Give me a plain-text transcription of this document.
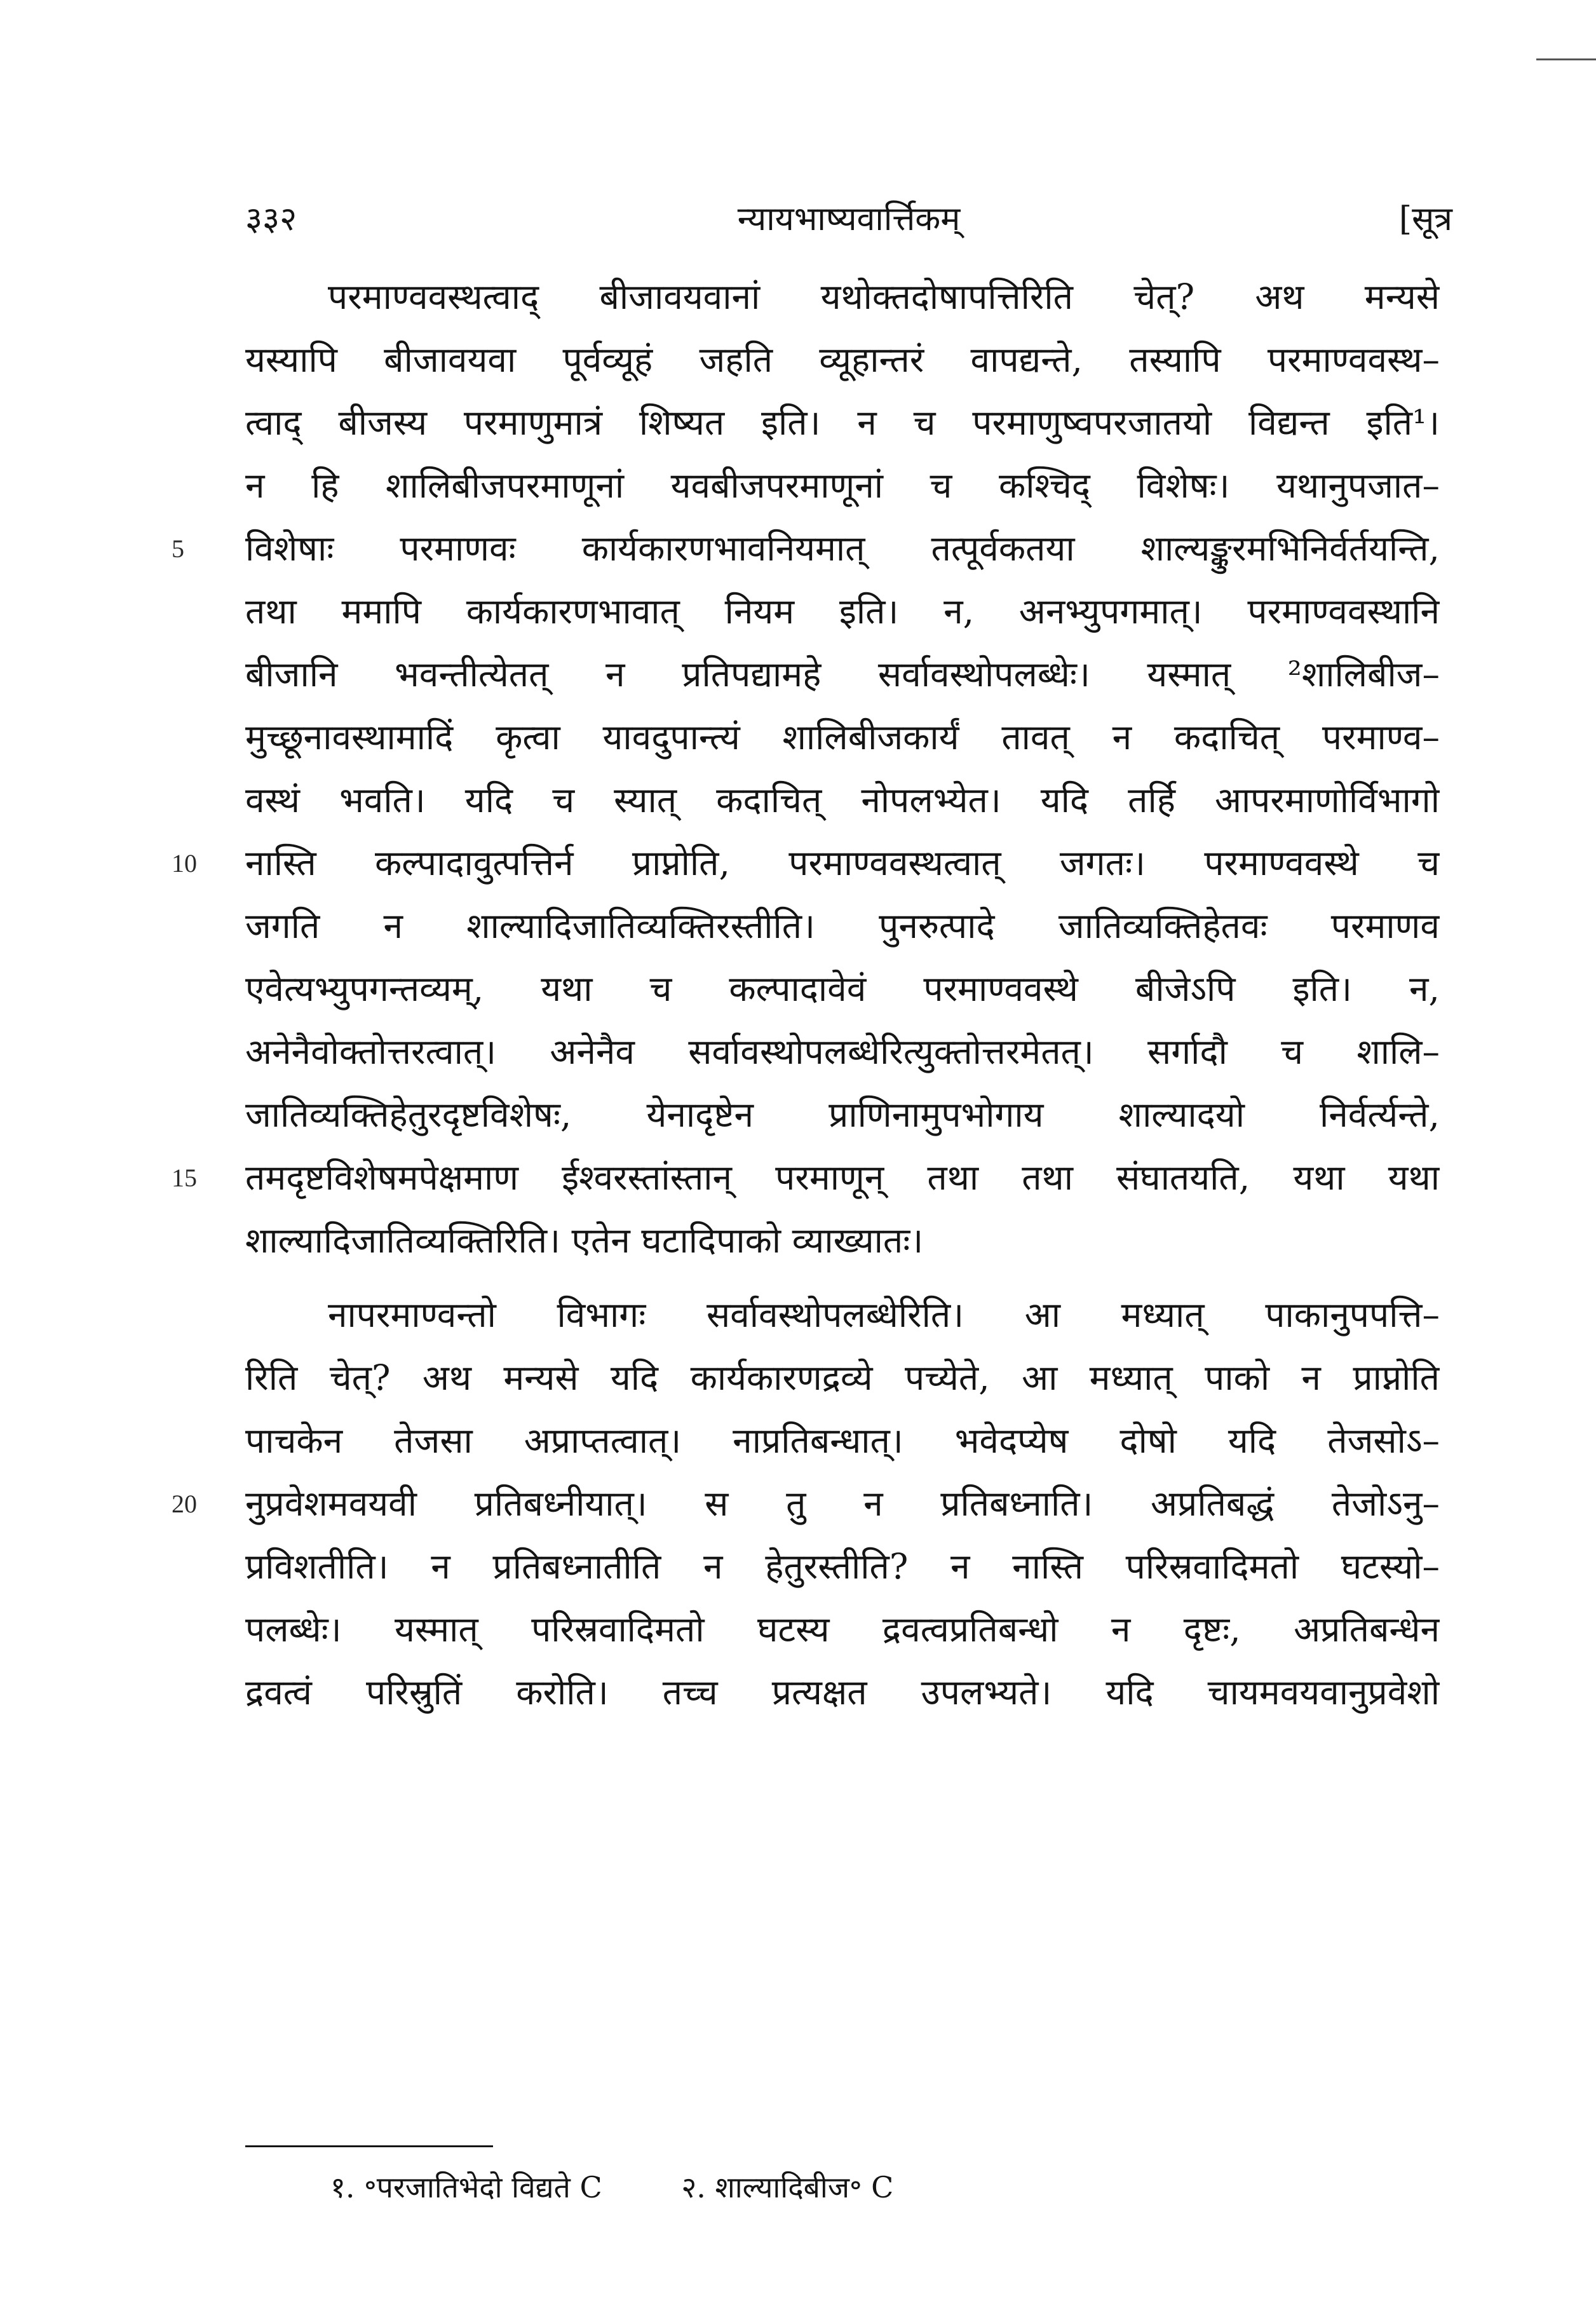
३३२	न्यायभाष्यवार्त्तिकम्	[सूत्र
परमाण्ववस्थत्वाद् बीजावयवानां यथोक्तदोषापत्तिरिति चेत्? अथ मन्यसे
यस्यापि बीजावयवा पूर्वव्यूहं जहति व्यूहान्तरं वापद्यन्ते, तस्यापि परमाण्ववस्थ–
त्वाद् बीजस्य परमाणुमात्रं शिष्यत इति। न च परमाणुष्वपरजातयो विद्यन्त इति¹।
न हि शालिबीजपरमाणूनां यवबीजपरमाणूनां च कश्चिद् विशेषः। यथानुपजात–
विशेषाः परमाणवः कार्यकारणभावनियमात् तत्पूर्वकतया शाल्यङ्कुरमभिनिर्वर्तयन्ति,
तथा ममापि कार्यकारणभावात् नियम इति। न, अनभ्युपगमात्। परमाण्ववस्थानि
बीजानि भवन्तीत्येतत् न प्रतिपद्यामहे सर्वावस्थोपलब्धेः। यस्मात् ²शालिबीज–
मुच्छूनावस्थामादिं कृत्वा यावदुपान्त्यं शालिबीजकार्यं तावत् न कदाचित् परमाण्व–
वस्थं भवति। यदि च स्यात् कदाचित् नोपलभ्येत। यदि तर्हि आपरमाणोर्विभागो
नास्ति कल्पादावुत्पत्तिर्न प्राप्नोति, परमाण्ववस्थत्वात् जगतः। परमाण्ववस्थे च
जगति न शाल्यादिजातिव्यक्तिरस्तीति। पुनरुत्पादे जातिव्यक्तिहेतवः परमाणव
एवेत्यभ्युपगन्तव्यम्, यथा च कल्पादावेवं परमाण्ववस्थे बीजेऽपि इति। न,
अनेनैवोक्तोत्तरत्वात्। अनेनैव सर्वावस्थोपलब्धेरित्युक्तोत्तरमेतत्। सर्गादौ च शालि–
जातिव्यक्तिहेतुरदृष्टविशेषः, येनादृष्टेन प्राणिनामुपभोगाय शाल्यादयो निर्वर्त्यन्ते,
तमदृष्टविशेषमपेक्षमाण ईश्वरस्तांस्तान् परमाणून् तथा तथा संघातयति, यथा यथा
शाल्यादिजातिव्यक्तिरिति। एतेन घटादिपाको व्याख्यातः।
नापरमाण्वन्तो विभागः सर्वावस्थोपलब्धेरिति। आ मध्यात् पाकानुपपत्ति–
रिति चेत्? अथ मन्यसे यदि कार्यकारणद्रव्ये पच्येते, आ मध्यात् पाको न प्राप्नोति
पाचकेन तेजसा अप्राप्तत्वात्। नाप्रतिबन्धात्। भवेदप्येष दोषो यदि तेजसोऽ–
नुप्रवेशमवयवी प्रतिबध्नीयात्। स तु न प्रतिबध्नाति। अप्रतिबद्धं तेजोऽनु–
प्रविशतीति। न प्रतिबध्नातीति न हेतुरस्तीति? न नास्ति परिस्रवादिमतो घटस्यो–
पलब्धेः। यस्मात् परिस्रवादिमतो घटस्य द्रवत्वप्रतिबन्धो न दृष्टः, अप्रतिबन्धेन
द्रवत्वं परिस्रुतिं करोति। तच्च प्रत्यक्षत उपलभ्यते। यदि चायमवयवानुप्रवेशो
5
10
15
20
१. ॰परजातिभेदो विद्यते C	२. शाल्यादिबीज॰ C
